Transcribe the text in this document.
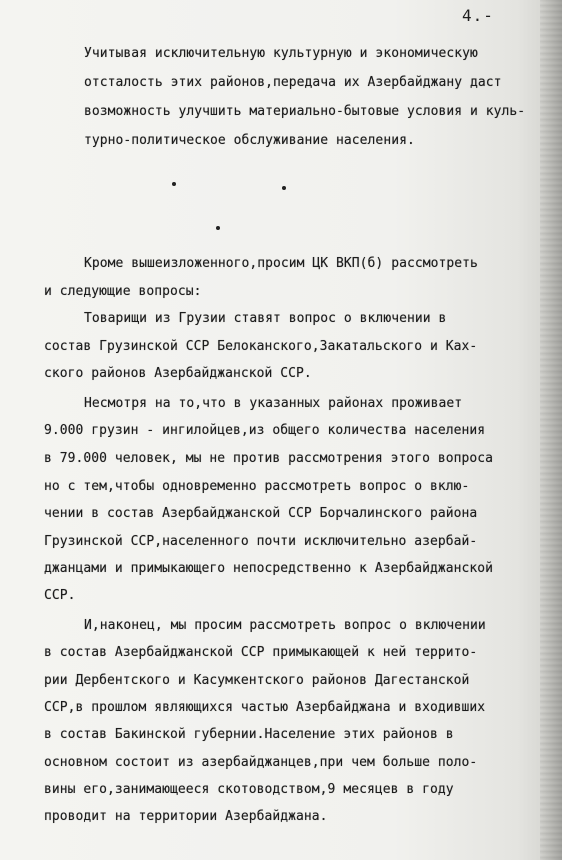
4.-
Учитывая исключительную культурную и экономическую
отсталость этих районов,передача их Азербайджану даст
возможность улучшить материально-бытовые условия и куль-
турно-политическое обслуживание населения.
Кроме вышеизложенного,просим ЦК ВКП(б) рассмотреть
и следующие вопросы:
Товарищи из Грузии ставят вопрос о включении в
состав Грузинской ССР Белоканского,Закатальского и Ках-
ского районов Азербайджанской ССР.
Несмотря на то,что в указанных районах проживает
9.000 грузин - ингилойцев,из общего количества населения
в 79.000 человек, мы не против рассмотрения этого вопроса
но с тем,чтобы одновременно рассмотреть вопрос о вклю-
чении в состав Азербайджанской ССР Борчалинского района
Грузинской ССР,населенного почти исключительно азербай-
джанцами и примыкающего непосредственно к Азербайджанской
ССР.
И,наконец, мы просим рассмотреть вопрос о включении
в состав Азербайджанской ССР примыкающей к ней террито-
рии Дербентского и Касумкентского районов Дагестанской
ССР,в прошлом являющихся частью Азербайджана и входивших
в состав Бакинской губернии.Население этих районов в
основном состоит из азербайджанцев,при чем больше поло-
вины его,занимающееся скотоводством,9 месяцев в году
проводит на территории Азербайджана.
